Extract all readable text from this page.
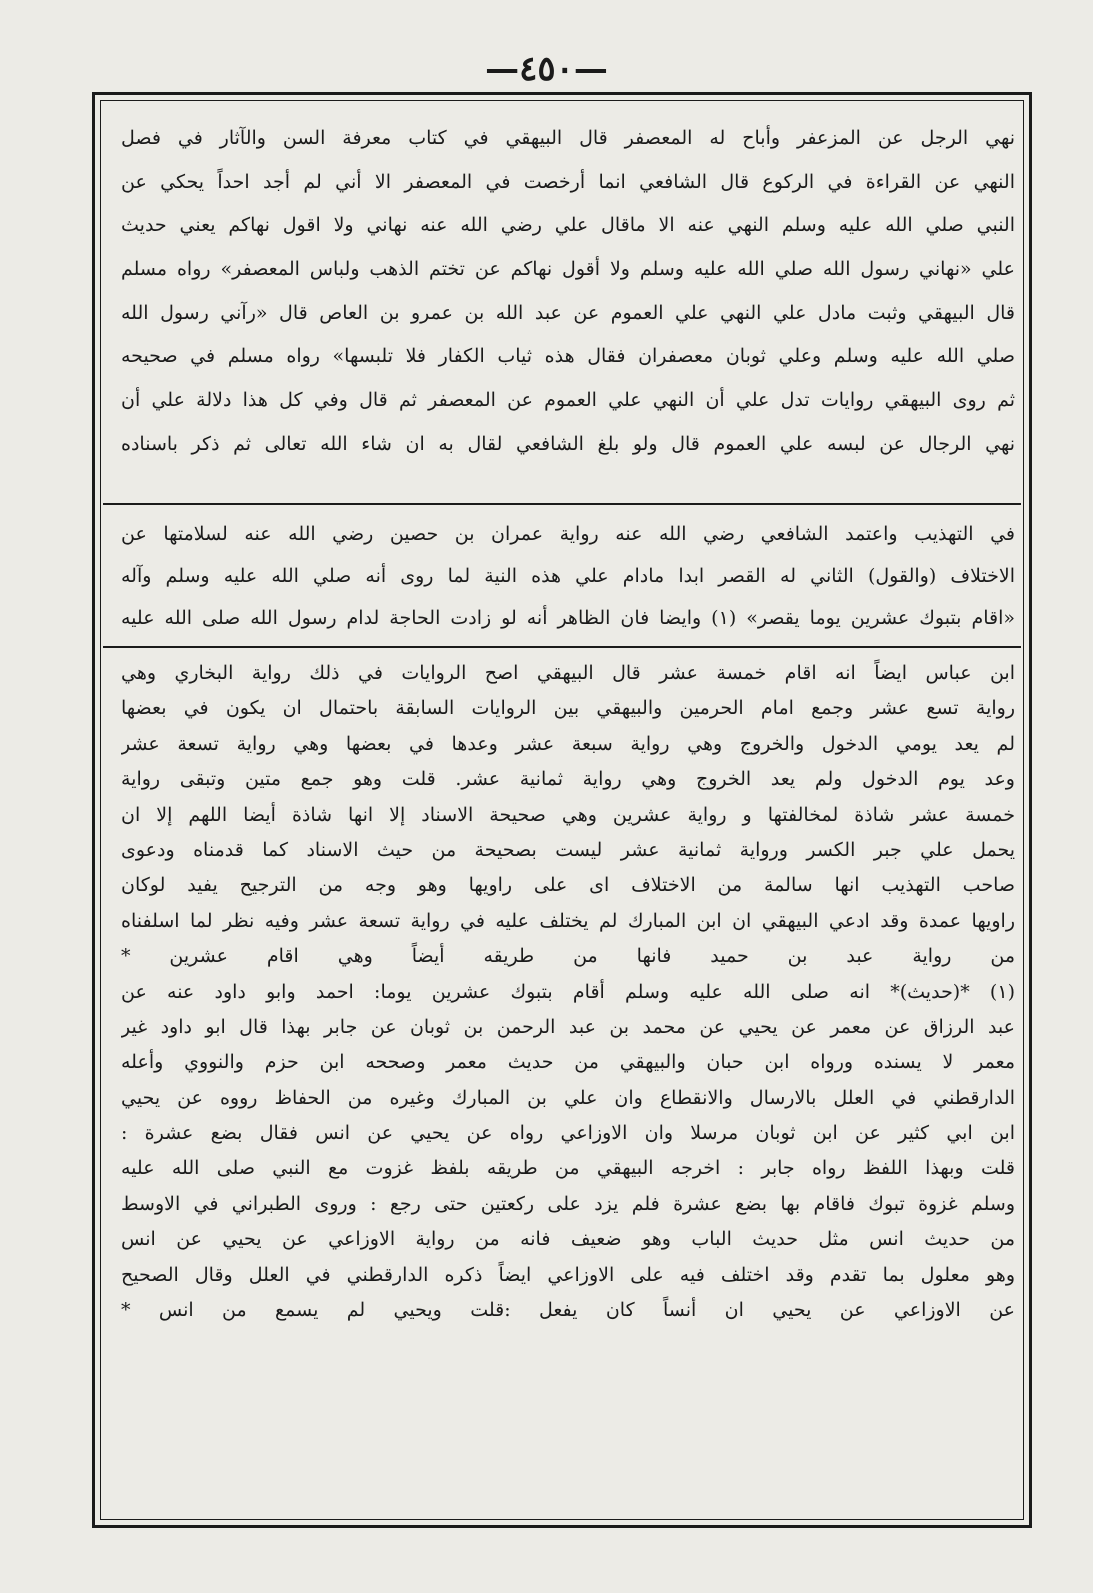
—٤٥٠—
نهي الرجل عن المزعفر وأباح له المعصفر قال البيهقي في كتاب معرفة السن والآثار في فصل
النهي عن القراءة في الركوع قال الشافعي انما أرخصت في المعصفر الا أني لم أجد احداً يحكي عن
النبي صلي الله عليه وسلم النهي عنه الا ماقال علي رضي الله عنه نهاني ولا اقول نهاكم يعني حديث
علي «نهاني رسول الله صلي الله عليه وسلم ولا أقول نهاكم عن تختم الذهب ولباس المعصفر» رواه مسلم
قال البيهقي وثبت مادل علي النهي علي العموم عن عبد الله بن عمرو بن العاص قال «رآني رسول الله
صلي الله عليه وسلم وعلي ثوبان معصفران فقال هذه ثياب الكفار فلا تلبسها» رواه مسلم في صحيحه
ثم روى البيهقي روايات تدل علي أن النهي علي العموم عن المعصفر ثم قال وفي كل هذا دلالة علي أن
نهي الرجال عن لبسه علي العموم قال ولو بلغ الشافعي لقال به ان شاء الله تعالى ثم ذكر باسناده
في التهذيب واعتمد الشافعي رضي الله عنه رواية عمران بن حصين رضي الله عنه لسلامتها عن
الاختلاف (والقول) الثاني له القصر ابدا مادام علي هذه النية لما روى أنه صلي الله عليه وسلم وآله
«اقام بتبوك عشرين يوما يقصر» (١) وايضا فان الظاهر أنه لو زادت الحاجة لدام رسول الله صلى الله عليه
ابن عباس ايضاً انه اقام خمسة عشر قال البيهقي اصح الروايات في ذلك رواية البخاري وهي
رواية تسع عشر وجمع امام الحرمين والبيهقي بين الروايات السابقة باحتمال ان يكون في بعضها
لم يعد يومي الدخول والخروج وهي رواية سبعة عشر وعدها في بعضها وهي رواية تسعة عشر
وعد يوم الدخول ولم يعد الخروج وهي رواية ثمانية عشر. قلت وهو جمع متين وتبقى رواية
خمسة عشر شاذة لمخالفتها و رواية عشرين وهي صحيحة الاسناد إلا انها شاذة أيضا اللهم إلا ان
يحمل علي جبر الكسر ورواية ثمانية عشر ليست بصحيحة من حيث الاسناد كما قدمناه ودعوى
صاحب التهذيب انها سالمة من الاختلاف اى على راويها وهو وجه من الترجيح يفيد لوكان
راويها عمدة وقد ادعي البيهقي ان ابن المبارك لم يختلف عليه في رواية تسعة عشر وفيه نظر لما اسلفناه
من رواية عبد بن حميد فانها من طريقه أيضاً وهي اقام عشرين *
(١) *(حديث)* انه صلى الله عليه وسلم أقام بتبوك عشرين يوما: احمد وابو داود عنه عن
عبد الرزاق عن معمر عن يحيي عن محمد بن عبد الرحمن بن ثوبان عن جابر بهذا قال ابو داود غير
معمر لا يسنده ورواه ابن حبان والبيهقي من حديث معمر وصححه ابن حزم والنووي وأعله
الدارقطني في العلل بالارسال والانقطاع وان علي بن المبارك وغيره من الحفاظ رووه عن يحيي
ابن ابي كثير عن ابن ثوبان مرسلا وان الاوزاعي رواه عن يحيي عن انس فقال بضع عشرة :
قلت وبهذا اللفظ رواه جابر : اخرجه البيهقي من طريقه بلفظ غزوت مع النبي صلى الله عليه
وسلم غزوة تبوك فاقام بها بضع عشرة فلم يزد على ركعتين حتى رجع : وروى الطبراني في الاوسط
من حديث انس مثل حديث الباب وهو ضعيف فانه من رواية الاوزاعي عن يحيي عن انس
وهو معلول بما تقدم وقد اختلف فيه على الاوزاعي ايضاً ذكره الدارقطني في العلل وقال الصحيح
عن الاوزاعي عن يحيي ان أنساً كان يفعل :قلت ويحيي لم يسمع من انس *
